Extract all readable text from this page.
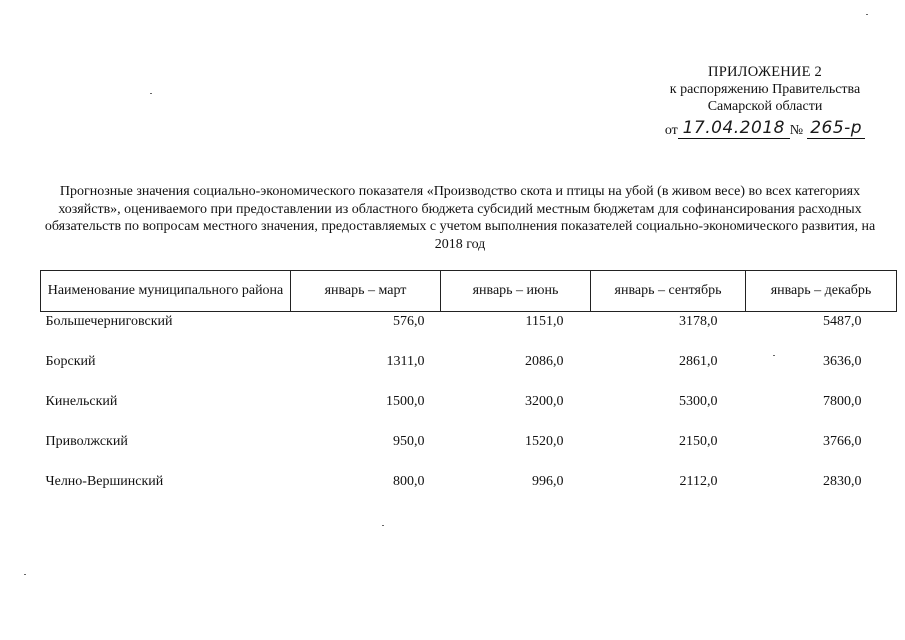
ПРИЛОЖЕНИЕ 2
к распоряжению Правительства
Самарской области
от 17.04.2018 № 265-р
Прогнозные значения социально-экономического показателя «Производство скота и птицы на убой (в живом весе) во всех категориях хозяйств», оцениваемого при предоставлении из областного бюджета субсидий местным бюджетам для софинансирования расходных обязательств по вопросам местного значения, предоставляемых с учетом выполнения показателей социально-экономического развития, на 2018 год
Наименование муниципального района	январь – март	январь – июнь	январь – сентябрь	январь – декабрь
Большечерниговский	576,0	1151,0	3178,0	5487,0
Борский	1311,0	2086,0	2861,0	3636,0
Кинельский	1500,0	3200,0	5300,0	7800,0
Приволжский	950,0	1520,0	2150,0	3766,0
Челно-Вершинский	800,0	996,0	2112,0	2830,0
